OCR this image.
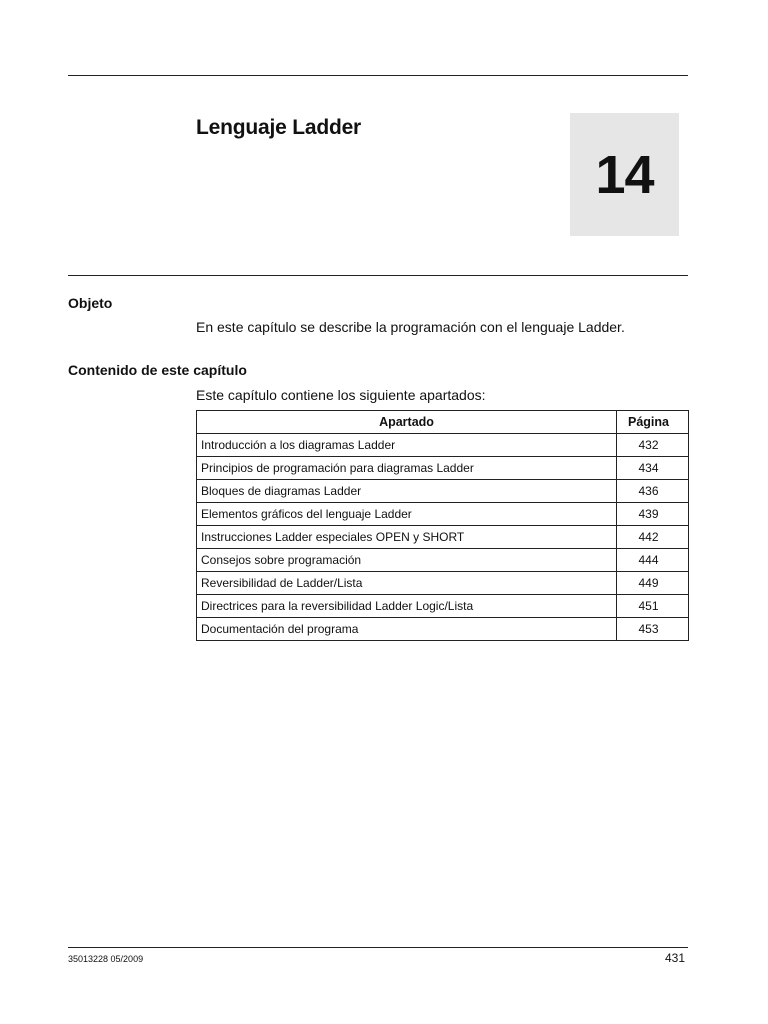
Lenguaje Ladder
14
Objeto
En este capítulo se describe la programación con el lenguaje Ladder.
Contenido de este capítulo
Este capítulo contiene los siguiente apartados:
Apartado	Página
Introducción a los diagramas Ladder	432
Principios de programación para diagramas Ladder	434
Bloques de diagramas Ladder	436
Elementos gráficos del lenguaje Ladder	439
Instrucciones Ladder especiales OPEN y SHORT	442
Consejos sobre programación	444
Reversibilidad de Ladder/Lista	449
Directrices para la reversibilidad Ladder Logic/Lista	451
Documentación del programa	453
35013228 05/2009	431
